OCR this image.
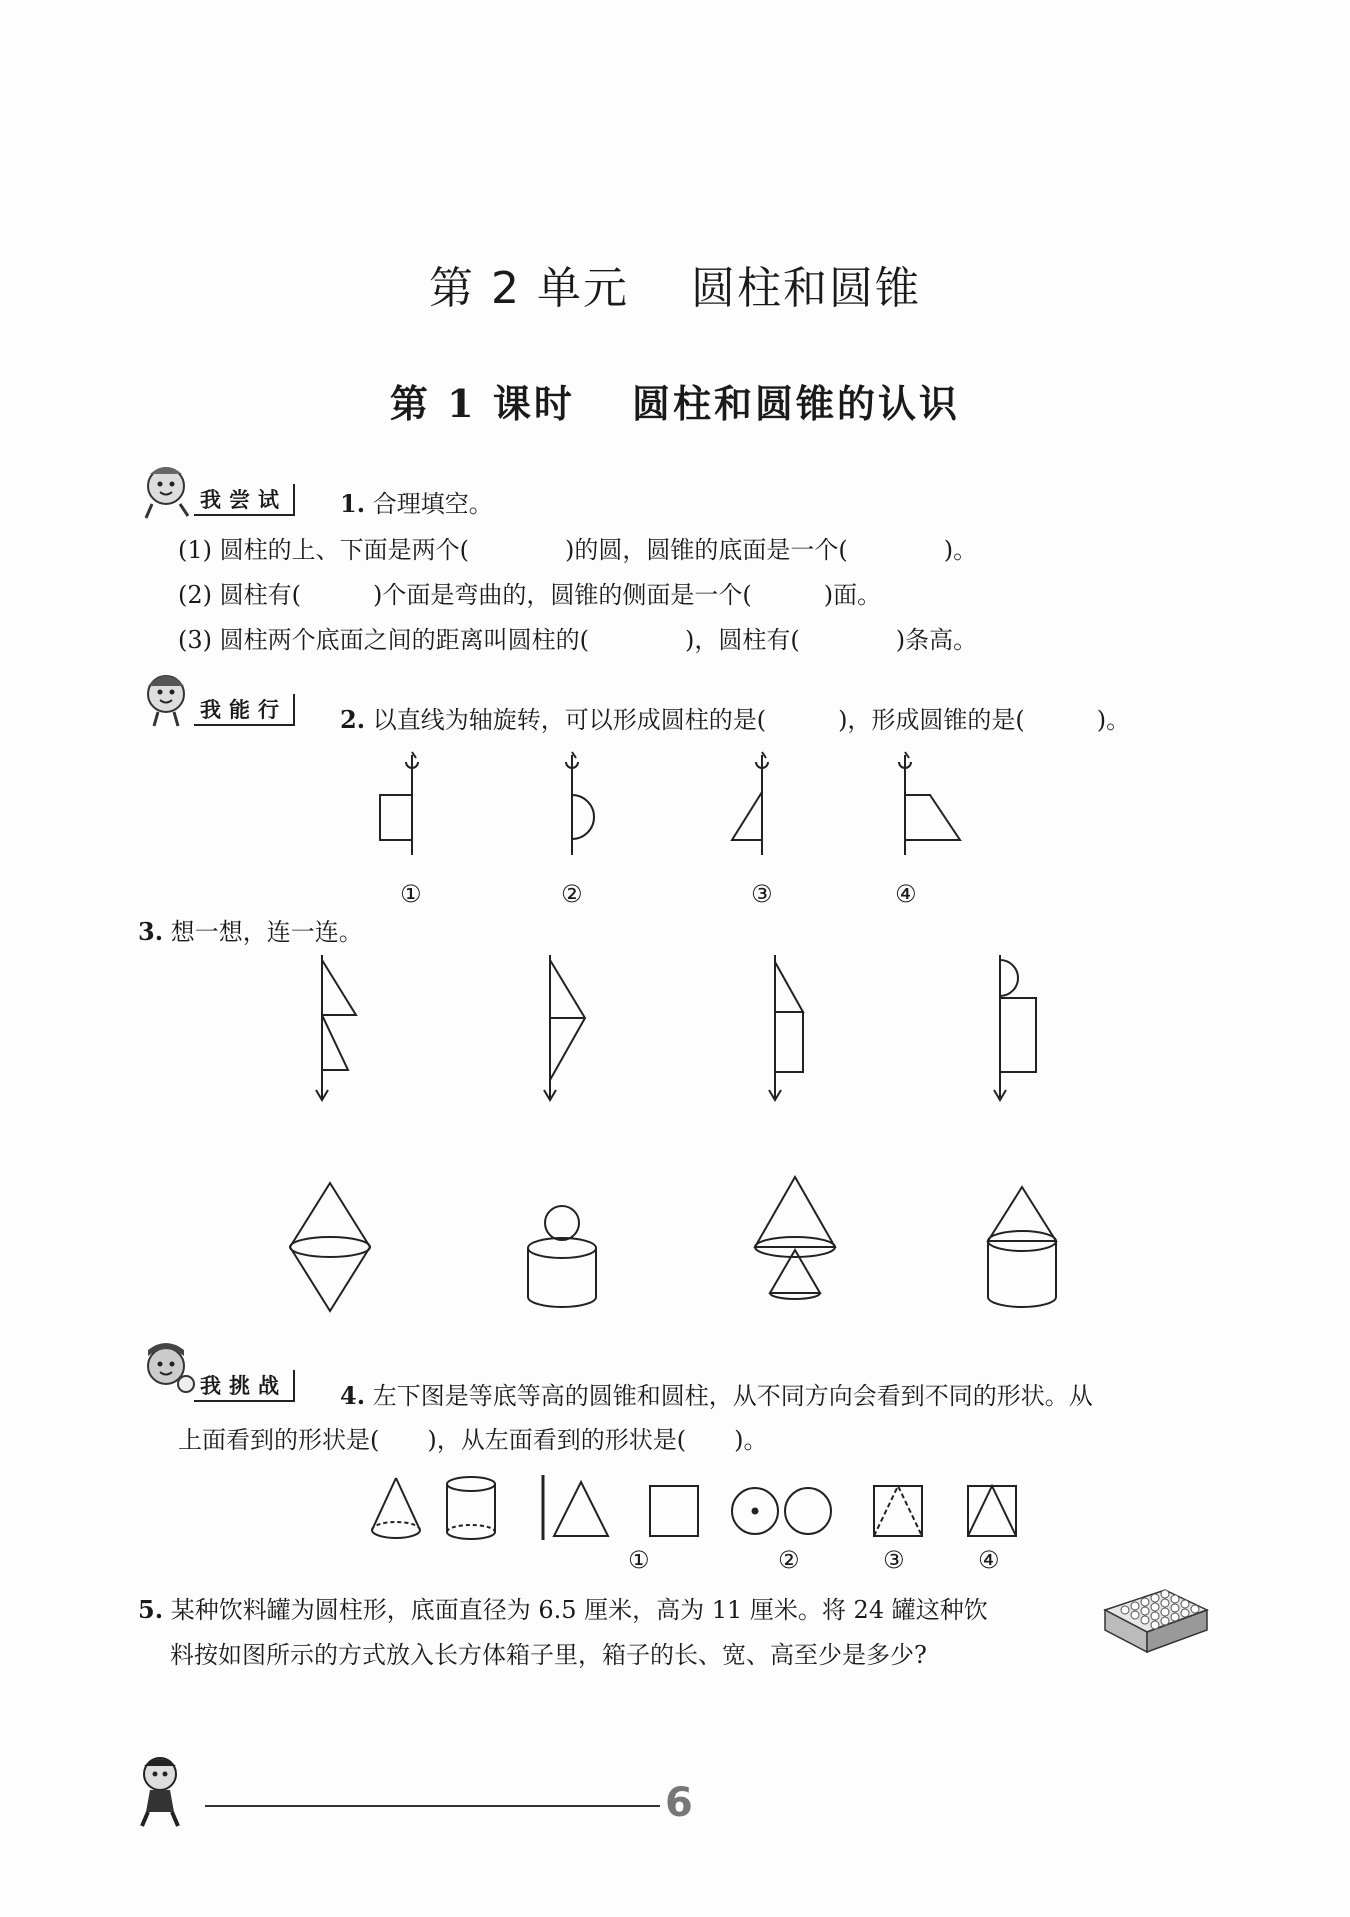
第 2 单元　 圆柱和圆锥
第 1 课时　 圆柱和圆锥的认识
我尝试	1. 合理填空。
(1) 圆柱的上、下面是两个(　　　　)的圆，圆锥的底面是一个(　　　　)。
(2) 圆柱有(　　　)个面是弯曲的，圆锥的侧面是一个(　　　)面。
(3) 圆柱两个底面之间的距离叫圆柱的(　　　　)，圆柱有(　　　　)条高。
我能行	2. 以直线为轴旋转，可以形成圆柱的是(　　　)，形成圆锥的是(　　　)。
①	②	③	④
3. 想一想，连一连。
我挑战	4. 左下图是等底等高的圆锥和圆柱，从不同方向会看到不同的形状。从
上面看到的形状是(　　)，从左面看到的形状是(　　)。
①	②	③	④
5. 某种饮料罐为圆柱形，底面直径为 6.5 厘米，高为 11 厘米。将 24 罐这种饮
料按如图所示的方式放入长方体箱子里，箱子的长、宽、高至少是多少?
6
